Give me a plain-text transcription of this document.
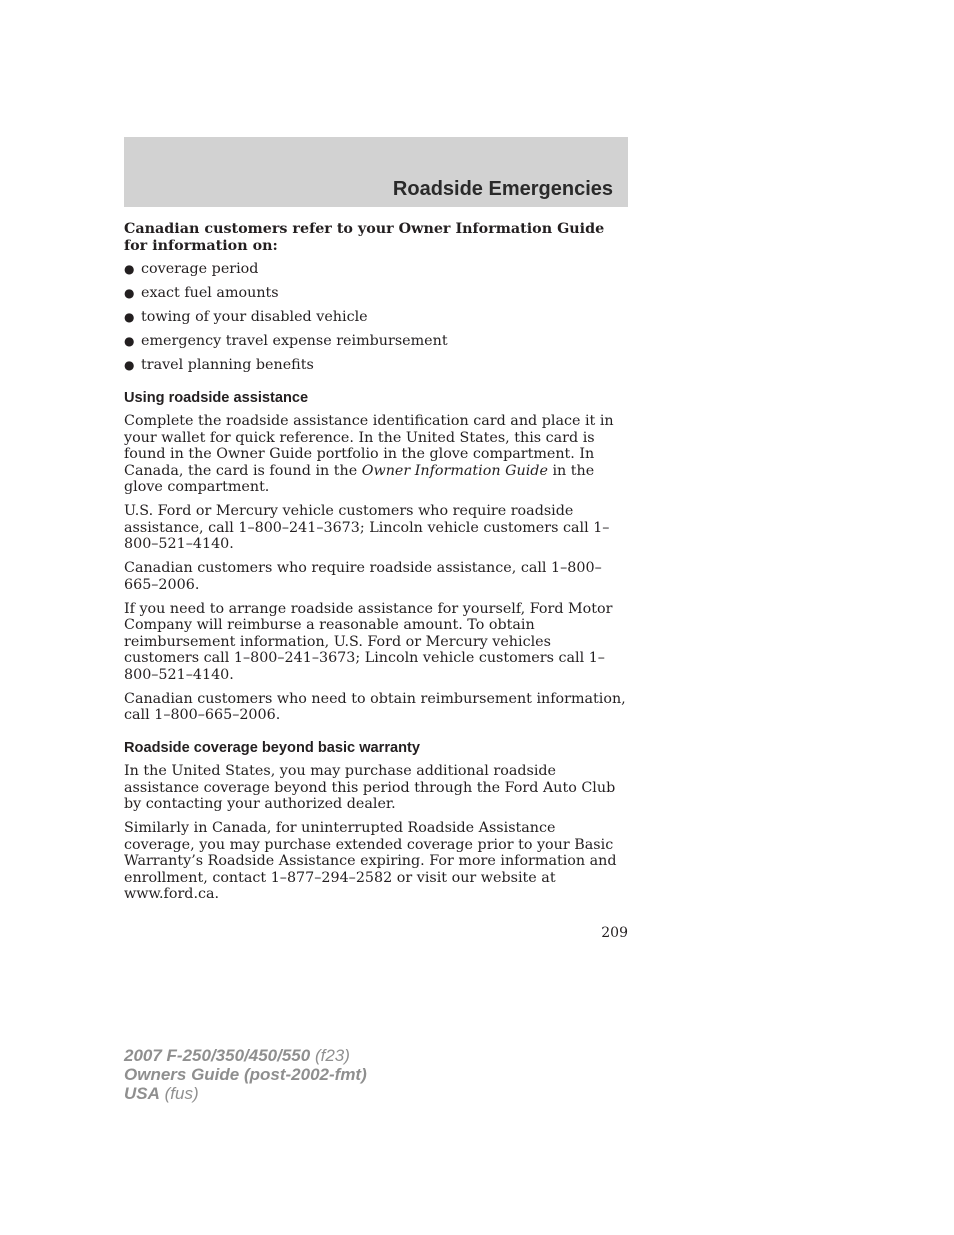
Roadside Emergencies

Canadian customers refer to your Owner Information Guide for information on:

● coverage period
● exact fuel amounts
● towing of your disabled vehicle
● emergency travel expense reimbursement
● travel planning benefits
Using roadside assistance

Complete the roadside assistance identification card and place it in your wallet for quick reference. In the United States, this card is found in the Owner Guide portfolio in the glove compartment. In Canada, the card is found in the Owner Information Guide in the glove compartment.

U.S. Ford or Mercury vehicle customers who require roadside assistance, call 1–800–241–3673; Lincoln vehicle customers call 1–800–521–4140.

Canadian customers who require roadside assistance, call 1–800–665–2006.

If you need to arrange roadside assistance for yourself, Ford Motor Company will reimburse a reasonable amount. To obtain reimbursement information, U.S. Ford or Mercury vehicles customers call 1–800–241–3673; Lincoln vehicle customers call 1–800–521–4140.

Canadian customers who need to obtain reimbursement information, call 1–800–665–2006.

Roadside coverage beyond basic warranty

In the United States, you may purchase additional roadside assistance coverage beyond this period through the Ford Auto Club by contacting your authorized dealer.

Similarly in Canada, for uninterrupted Roadside Assistance coverage, you may purchase extended coverage prior to your Basic Warranty’s Roadside Assistance expiring. For more information and enrollment, contact 1–877–294–2582 or visit our website at www.ford.ca.

209
2007 F-250/350/450/550 (f23)
Owners Guide (post-2002-fmt)
USA (fus)
